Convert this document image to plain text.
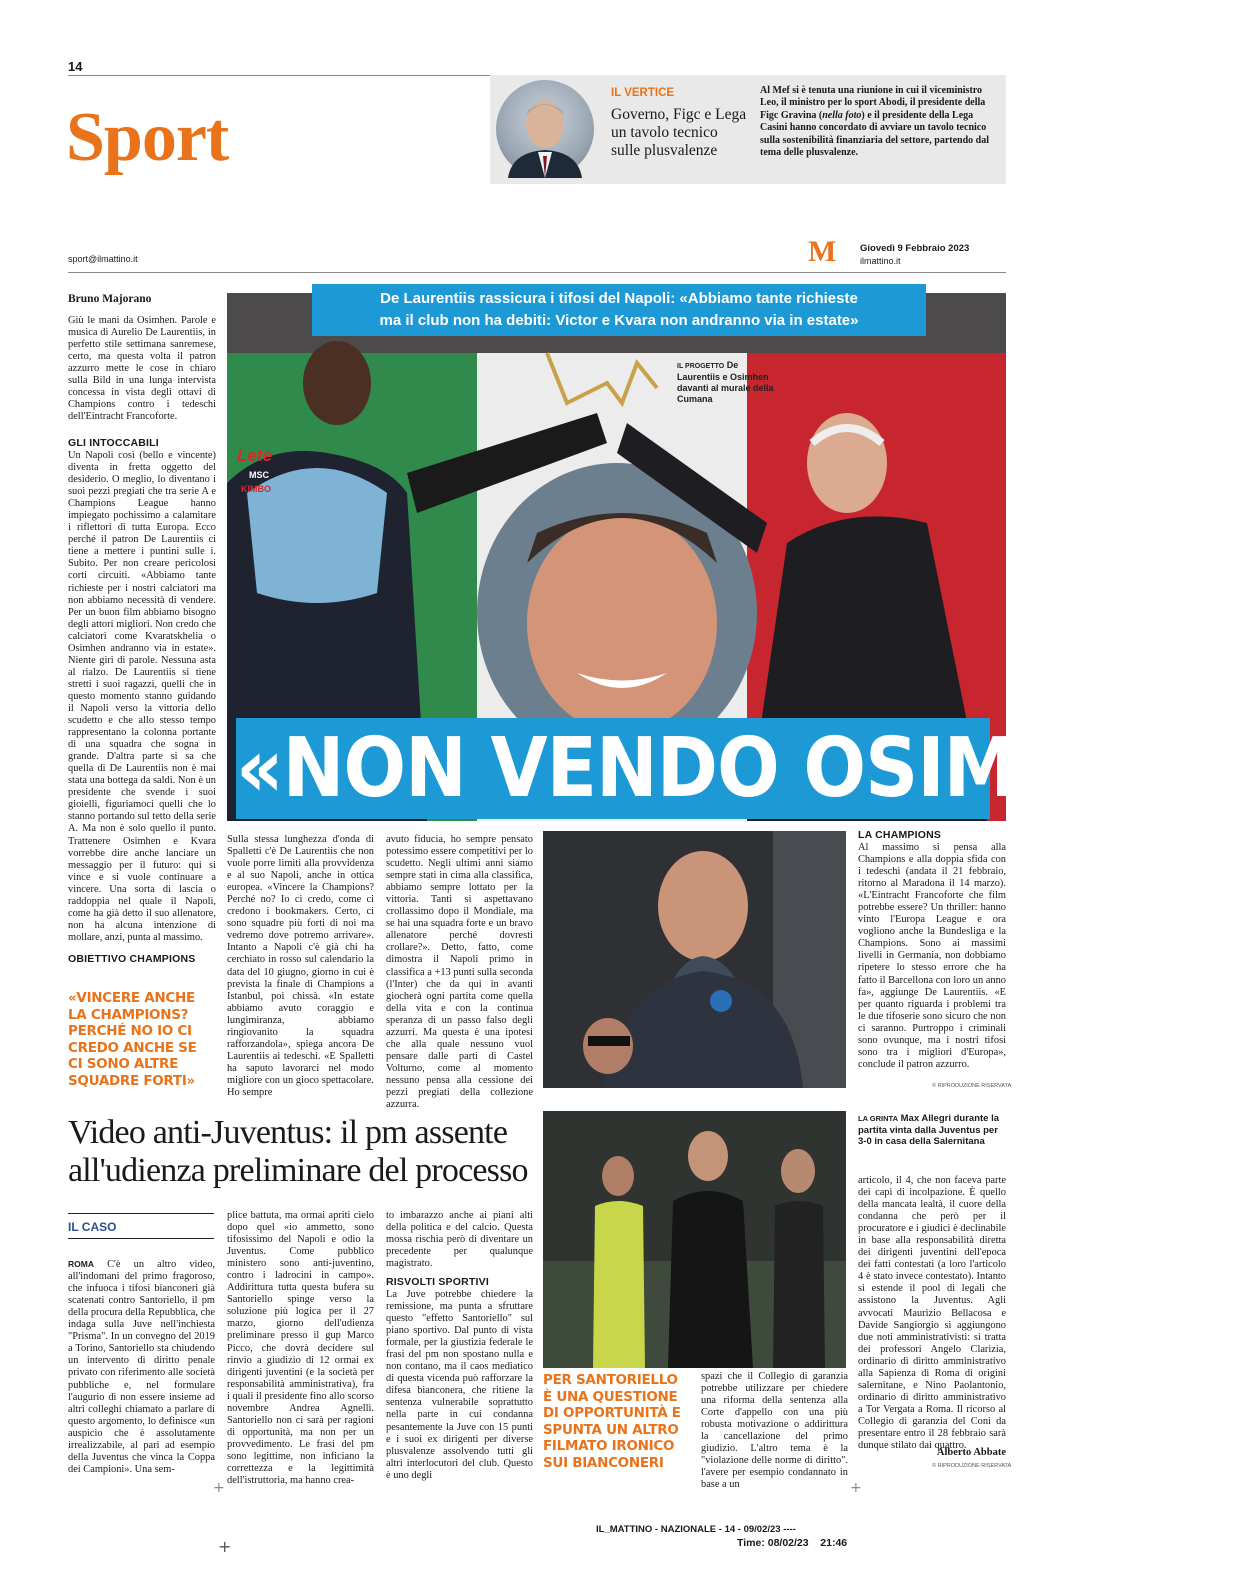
14
Sport
IL VERTICE
Governo, Figc e Lega un tavolo tecnico sulle plusvalenze
Al Mef si è tenuta una riunione in cui il viceministro Leo, il ministro per lo sport Abodi, il presidente della Figc Gravina (nella foto) e il presidente della Lega Casini hanno concordato di avviare un tavolo tecnico sulla sostenibilità finanziaria del settore, partendo dal tema delle plusvalenze.
sport@ilmattino.it	M Giovedì 9 Febbraio 2023
ilmattino.it
Bruno Majorano
Giù le mani da Osimhen. Parole e musica di Aurelio De Laurentiis, in perfetto stile settimana sanremese, certo, ma questa volta il patron azzurro mette le cose in chiaro sulla Bild in una lunga intervista concessa in vista degli ottavi di Champions contro i tedeschi dell'Eintracht Francoforte.
GLI INTOCCABILI
Un Napoli così (bello e vincente) diventa in fretta oggetto del desiderio. O meglio, lo diventano i suoi pezzi pregiati che tra serie A e Champions League hanno impiegato pochissimo a calamitare i riflettori di tutta Europa. Ecco perché il patron De Laurentiis ci tiene a mettere i puntini sulle i. Subito. Per non creare pericolosi corti circuiti. «Abbiamo tante richieste per i nostri calciatori ma non abbiamo necessità di vendere. Per un buon film abbiamo bisogno degli attori migliori. Non credo che calciatori come Kvaratskhelia o Osimhen andranno via in estate». Niente giri di parole. Nessuna asta al rialzo. De Laurentiis si tiene stretti i suoi ragazzi, quelli che in questo momento stanno guidando il Napoli verso la vittoria dello scudetto e che allo stesso tempo rappresentano la colonna portante di una squadra che sogna in grande. D'altra parte si sa che quella di De Laurentiis non è mai stata una bottega da saldi. Non è un presidente che svende i suoi gioielli, figuriamoci quelli che lo stanno portando sul tetto della serie A. Ma non è solo quello il punto. Trattenere Osimhen e Kvara vorrebbe dire anche lanciare un messaggio per il futuro: qui si vince e si vuole continuare a vincere. Una sorta di lascia o raddoppia nel quale il Napoli, come ha già detto il suo allenatore, non ha alcuna intenzione di mollare, anzi, punta al massimo.
OBIETTIVO CHAMPIONS
«VINCERE ANCHE LA CHAMPIONS? PERCHÉ NO IO CI CREDO ANCHE SE CI SONO ALTRE SQUADRE FORTI»
Lete
MSC
KIMBO
IL PROGETTO De Laurentiis e Osimhen davanti al murale della Cumana
De Laurentiis rassicura i tifosi del Napoli: «Abbiamo tante richieste
ma il club non ha debiti: Victor e Kvara non andranno via in estate»
«NON VENDO OSIMHEN»
Sulla stessa lunghezza d'onda di Spalletti c'è De Laurentiis che non vuole porre limiti alla provvidenza e al suo Napoli, anche in ottica europea. «Vincere la Champions? Perché no? Io ci credo, come ci credono i bookmakers. Certo, ci sono squadre più forti di noi ma vedremo dove potremo arrivare». Intanto a Napoli c'è già chi ha cerchiato in rosso sul calendario la data del 10 giugno, giorno in cui è prevista la finale di Champions a Istanbul, poi chissà. «In estate abbiamo avuto coraggio e lungimiranza, abbiamo ringiovanito la squadra rafforzandola», spiega ancora De Laurentiis ai tedeschi. «E Spalletti ha saputo lavorarci nel modo migliore con un gioco spettacolare. Ho sempre
avuto fiducia, ho sempre pensato potessimo essere competitivi per lo scudetto. Negli ultimi anni siamo sempre stati in cima alla classifica, abbiamo sempre lottato per la vittoria. Tanti si aspettavano crollassimo dopo il Mondiale, ma se hai una squadra forte e un bravo allenatore perché dovresti crollare?». Detto, fatto, come dimostra il Napoli primo in classifica a +13 punti sulla seconda (l'Inter) che da qui in avanti giocherà ogni partita come quella della vita e con la continua speranza di un passo falso degli azzurri. Ma questa è una ipotesi che alla quale nessuno vuol pensare dalle parti di Castel Volturno, come al momento nessuno pensa alla cessione dei pezzi pregiati della collezione azzurra.
LA CHAMPIONS
Al massimo si pensa alla Champions e alla doppia sfida con i tedeschi (andata il 21 febbraio, ritorno al Maradona il 14 marzo). «L'Eintracht Francoforte che film potrebbe essere? Un thriller: hanno vinto l'Europa League e ora vogliono anche la Bundesliga e la Champions. Sono ai massimi livelli in Germania, non dobbiamo ripetere lo stesso errore che ha fatto il Barcellona con loro un anno fa», aggiunge De Laurentiis. «E per quanto riguarda i problemi tra le due tifoserie sono sicuro che non ci saranno. Purtroppo i criminali sono ovunque, ma i nostri tifosi sono tra i migliori d'Europa», conclude il patron azzurro.
© RIPRODUZIONE RISERVATA
Video anti-Juventus: il pm assente
all'udienza preliminare del processo
IL CASO

ROMA C'è un altro video, all'indomani del primo fragoroso, che infuoca i tifosi bianconeri già scatenati contro Santoriello, il pm della procura della Repubblica, che indaga sulla Juve nell'inchiesta "Prisma". In un convegno del 2019 a Torino, Santoriello sta chiudendo un intervento di diritto penale privato con riferimento alle società pubbliche e, nel formulare l'augurio di non essere insieme ad altri colleghi chiamato a parlare di questo argomento, lo definisce «un auspicio che è assolutamente irrealizzabile, al pari ad esempio della Juventus che vinca la Coppa dei Campioni». Una sem-

plice battuta, ma ormai apriti cielo dopo quel «io ammetto, sono tifosissimo del Napoli e odio la Juventus. Come pubblico ministero sono anti-juventino, contro i ladrocini in campo». Addirittura tutta questa bufera su Santoriello spinge verso la soluzione più logica per il 27 marzo, giorno dell'udienza preliminare presso il gup Marco Picco, che dovrà decidere sul rinvio a giudizio di 12 ormai ex dirigenti juventini (e la società per responsabilità amministrativa), fra i quali il presidente fino allo scorso novembre Andrea Agnelli. Santoriello non ci sarà per ragioni di opportunità, ma non per un provvedimento. Le frasi del pm sono legittime, non inficiano la correttezza e la legittimità dell'istruttoria, ma hanno crea-
to imbarazzo anche ai piani alti della politica e del calcio. Questa mossa rischia però di diventare un precedente per qualunque magistrato.
RISVOLTI SPORTIVI
La Juve potrebbe chiedere la remissione, ma punta a sfruttare questo "effetto Santoriello" sul piano sportivo. Dal punto di vista formale, per la giustizia federale le frasi del pm non spostano nulla e non contano, ma il caos mediatico di questa vicenda può rafforzare la difesa bianconera, che ritiene la sentenza vulnerabile soprattutto nella parte in cui condanna pesantemente la Juve con 15 punti e i suoi ex dirigenti per diverse plusvalenze assolvendo tutti gli altri interlocutori del club. Questo è uno degli
PER SANTORIELLO È UNA QUESTIONE DI OPPORTUNITÀ E SPUNTA UN ALTRO FILMATO IRONICO SUI BIANCONERI
spazi che il Collegio di garanzia potrebbe utilizzare per chiedere una riforma della sentenza alla Corte d'appello con una più robusta motivazione o addirittura la cancellazione del primo giudizio. L'altro tema è la "violazione delle norme di diritto". l'avere per esempio condannato in base a un
LA GRINTA Max Allegri durante la partita vinta dalla Juventus per 3-0 in casa della Salernitana
articolo, il 4, che non faceva parte dei capi di incolpazione. È quello della mancata lealtà, il cuore della condanna che però per il procuratore e i giudici è declinabile in base alla responsabilità diretta dei dirigenti juventini dell'epoca dei fatti contestati (a loro l'articolo 4 è stato invece contestato). Intanto si estende il pool di legali che assistono la Juventus. Agli avvocati Maurizio Bellacosa e Davide Sangiorgio si aggiungono due noti amministrativisti: si tratta dei professori Angelo Clarizia, ordinario di diritto amministrativo alla Sapienza di Roma di origini salernitane, e Nino Paolantonio, ordinario di diritto amministrativo a Tor Vergata a Roma. Il ricorso al Collegio di garanzia del Coni da presentare entro il 28 febbraio sarà dunque stilato dai quattro.
Alberto Abbate
© RIPRODUZIONE RISERVATA
+	+
+
IL_MATTINO - NAZIONALE - 14 - 09/02/23 ----
Time: 08/02/23    21:46
